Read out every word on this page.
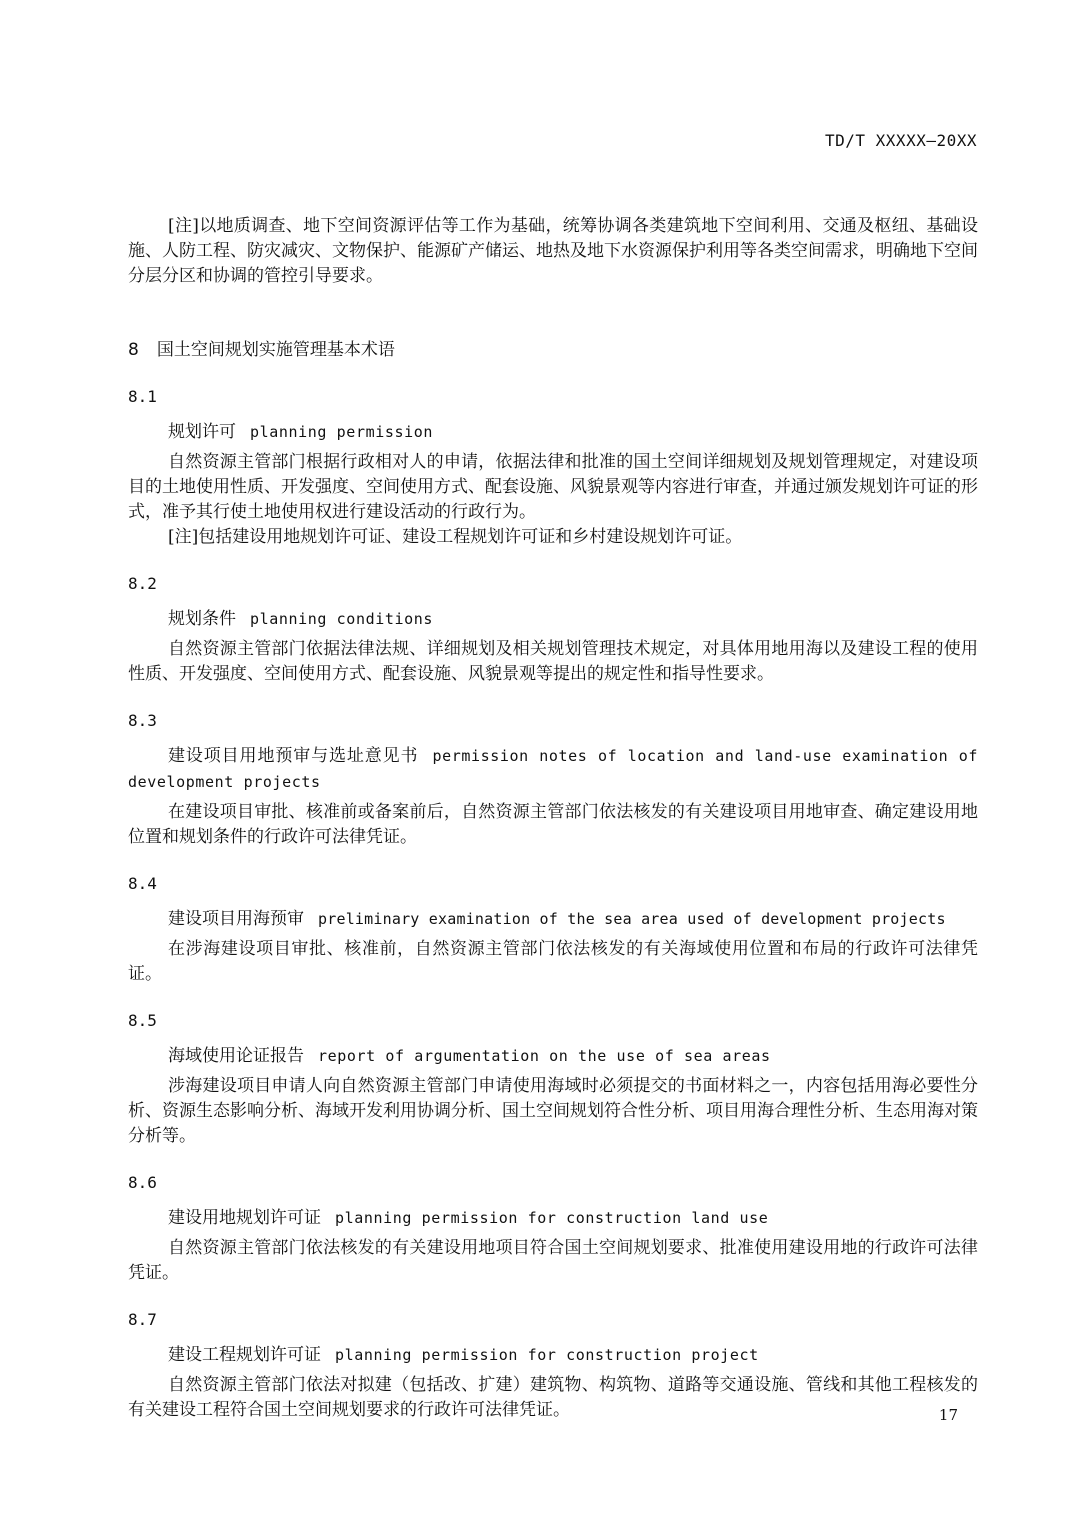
TD/T XXXXX—20XX

[注]以地质调查、地下空间资源评估等工作为基础，统筹协调各类建筑地下空间利用、交通及枢纽、基础设施、人防工程、防灾减灾、文物保护、能源矿产储运、地热及地下水资源保护利用等各类空间需求，明确地下空间分层分区和协调的管控引导要求。

8 国土空间规划实施管理基本术语
8.1
规划许可 planning permission

自然资源主管部门根据行政相对人的申请，依据法律和批准的国土空间详细规划及规划管理规定，对建设项目的土地使用性质、开发强度、空间使用方式、配套设施、风貌景观等内容进行审查，并通过颁发规划许可证的形式，准予其行使土地使用权进行建设活动的行政行为。

[注]包括建设用地规划许可证、建设工程规划许可证和乡村建设规划许可证。

8.2
规划条件 planning conditions

自然资源主管部门依据法律法规、详细规划及相关规划管理技术规定，对具体用地用海以及建设工程的使用性质、开发强度、空间使用方式、配套设施、风貌景观等提出的规定性和指导性要求。

8.3
建设项目用地预审与选址意见书 permission notes of location and land-use examination of development projects

在建设项目审批、核准前或备案前后，自然资源主管部门依法核发的有关建设项目用地审查、确定建设用地位置和规划条件的行政许可法律凭证。

8.4
建设项目用海预审 preliminary examination of the sea area used of development projects

在涉海建设项目审批、核准前，自然资源主管部门依法核发的有关海域使用位置和布局的行政许可法律凭证。

8.5
海域使用论证报告 report of argumentation on the use of sea areas

涉海建设项目申请人向自然资源主管部门申请使用海域时必须提交的书面材料之一，内容包括用海必要性分析、资源生态影响分析、海域开发利用协调分析、国土空间规划符合性分析、项目用海合理性分析、生态用海对策分析等。

8.6
建设用地规划许可证 planning permission for construction land use

自然资源主管部门依法核发的有关建设用地项目符合国土空间规划要求、批准使用建设用地的行政许可法律凭证。

8.7
建设工程规划许可证 planning permission for construction project

自然资源主管部门依法对拟建（包括改、扩建）建筑物、构筑物、道路等交通设施、管线和其他工程核发的有关建设工程符合国土空间规划要求的行政许可法律凭证。	17
